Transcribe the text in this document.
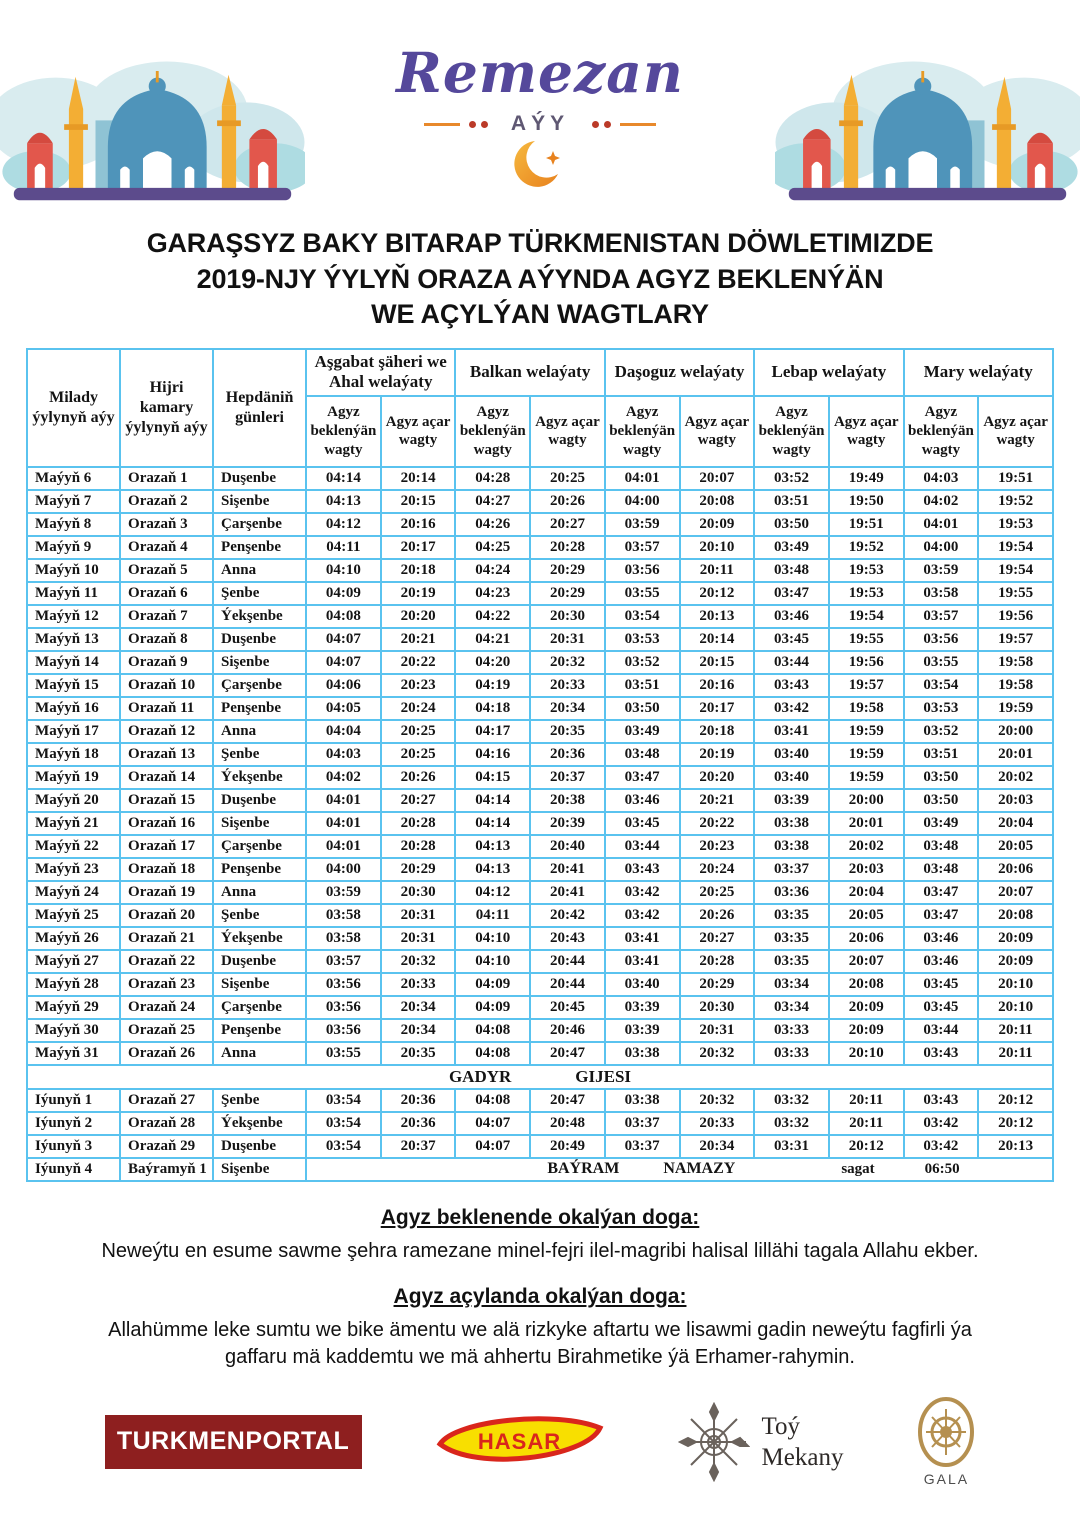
Remezan
AÝY
GARAŞSYZ BAKY BITARAP TÜRKMENISTAN DÖWLETIMIZDE
2019-NJY ÝYLYŇ ORAZA AÝYNDA AGYZ BEKLENÝÄN
WE AÇYLÝAN WAGTLARY
Milady ýylynyň aýy	Hijri kamary ýylynyň aýy	Hepdäniň günleri	Aşgabat şäheri we Ahal welaýaty		Balkan welaýaty		Daşoguz welaýaty		Lebap welaýaty		Mary welaýaty	
			Agyz beklenýän wagty	Agyz açar wagty	Agyz beklenýän wagty	Agyz açar wagty	Agyz beklenýän wagty	Agyz açar wagty	Agyz beklenýän wagty	Agyz açar wagty	Agyz beklenýän wagty	Agyz açar wagty
Maýyň 6	Orazaň 1	Duşenbe	04:14	20:14	04:28	20:25	04:01	20:07	03:52	19:49	04:03	19:51
Maýyň 7	Orazaň 2	Sişenbe	04:13	20:15	04:27	20:26	04:00	20:08	03:51	19:50	04:02	19:52
Maýyň 8	Orazaň 3	Çarşenbe	04:12	20:16	04:26	20:27	03:59	20:09	03:50	19:51	04:01	19:53
Maýyň 9	Orazaň 4	Penşenbe	04:11	20:17	04:25	20:28	03:57	20:10	03:49	19:52	04:00	19:54
Maýyň 10	Orazaň 5	Anna	04:10	20:18	04:24	20:29	03:56	20:11	03:48	19:53	03:59	19:54
Maýyň 11	Orazaň 6	Şenbe	04:09	20:19	04:23	20:29	03:55	20:12	03:47	19:53	03:58	19:55
Maýyň 12	Orazaň 7	Ýekşenbe	04:08	20:20	04:22	20:30	03:54	20:13	03:46	19:54	03:57	19:56
Maýyň 13	Orazaň 8	Duşenbe	04:07	20:21	04:21	20:31	03:53	20:14	03:45	19:55	03:56	19:57
Maýyň 14	Orazaň 9	Sişenbe	04:07	20:22	04:20	20:32	03:52	20:15	03:44	19:56	03:55	19:58
Maýyň 15	Orazaň 10	Çarşenbe	04:06	20:23	04:19	20:33	03:51	20:16	03:43	19:57	03:54	19:58
Maýyň 16	Orazaň 11	Penşenbe	04:05	20:24	04:18	20:34	03:50	20:17	03:42	19:58	03:53	19:59
Maýyň 17	Orazaň 12	Anna	04:04	20:25	04:17	20:35	03:49	20:18	03:41	19:59	03:52	20:00
Maýyň 18	Orazaň 13	Şenbe	04:03	20:25	04:16	20:36	03:48	20:19	03:40	19:59	03:51	20:01
Maýyň 19	Orazaň 14	Ýekşenbe	04:02	20:26	04:15	20:37	03:47	20:20	03:40	19:59	03:50	20:02
Maýyň 20	Orazaň 15	Duşenbe	04:01	20:27	04:14	20:38	03:46	20:21	03:39	20:00	03:50	20:03
Maýyň 21	Orazaň 16	Sişenbe	04:01	20:28	04:14	20:39	03:45	20:22	03:38	20:01	03:49	20:04
Maýyň 22	Orazaň 17	Çarşenbe	04:01	20:28	04:13	20:40	03:44	20:23	03:38	20:02	03:48	20:05
Maýyň 23	Orazaň 18	Penşenbe	04:00	20:29	04:13	20:41	03:43	20:24	03:37	20:03	03:48	20:06
Maýyň 24	Orazaň 19	Anna	03:59	20:30	04:12	20:41	03:42	20:25	03:36	20:04	03:47	20:07
Maýyň 25	Orazaň 20	Şenbe	03:58	20:31	04:11	20:42	03:42	20:26	03:35	20:05	03:47	20:08
Maýyň 26	Orazaň 21	Ýekşenbe	03:58	20:31	04:10	20:43	03:41	20:27	03:35	20:06	03:46	20:09
Maýyň 27	Orazaň 22	Duşenbe	03:57	20:32	04:10	20:44	03:41	20:28	03:35	20:07	03:46	20:09
Maýyň 28	Orazaň 23	Sişenbe	03:56	20:33	04:09	20:44	03:40	20:29	03:34	20:08	03:45	20:10
Maýyň 29	Orazaň 24	Çarşenbe	03:56	20:34	04:09	20:45	03:39	20:30	03:34	20:09	03:45	20:10
Maýyň 30	Orazaň 25	Penşenbe	03:56	20:34	04:08	20:46	03:39	20:31	03:33	20:09	03:44	20:11
Maýyň 31	Orazaň 26	Anna	03:55	20:35	04:08	20:47	03:38	20:32	03:33	20:10	03:43	20:11
GADYR GIJESI												
Iýunyň 1	Orazaň 27	Şenbe	03:54	20:36	04:08	20:47	03:38	20:32	03:32	20:11	03:43	20:12
Iýunyň 2	Orazaň 28	Ýekşenbe	03:54	20:36	04:07	20:48	03:37	20:33	03:32	20:11	03:42	20:12
Iýunyň 3	Orazaň 29	Duşenbe	03:54	20:37	04:07	20:49	03:37	20:34	03:31	20:12	03:42	20:13
Iýunyň 4	Baýramyň 1	Sişenbe	BAÝRAM NAMAZY sagat 06:50									
Agyz beklenende okalýan doga:

Neweýtu en esume sawme şehra ramezane minel-fejri ilel-magribi halisal lillähi tagala Allahu ekber.

Agyz açylanda okalýan doga:

Allahümme leke sumtu we bike ämentu we alä rizkyke aftartu we lisawmi gadin neweýtu fagfirli ýa gaffaru mä kaddemtu we mä ahhertu Birahmetike ýä Erhamer-rahymin.

TURKMENPORTAL	HASAR
Toý
Mekany
GALA
